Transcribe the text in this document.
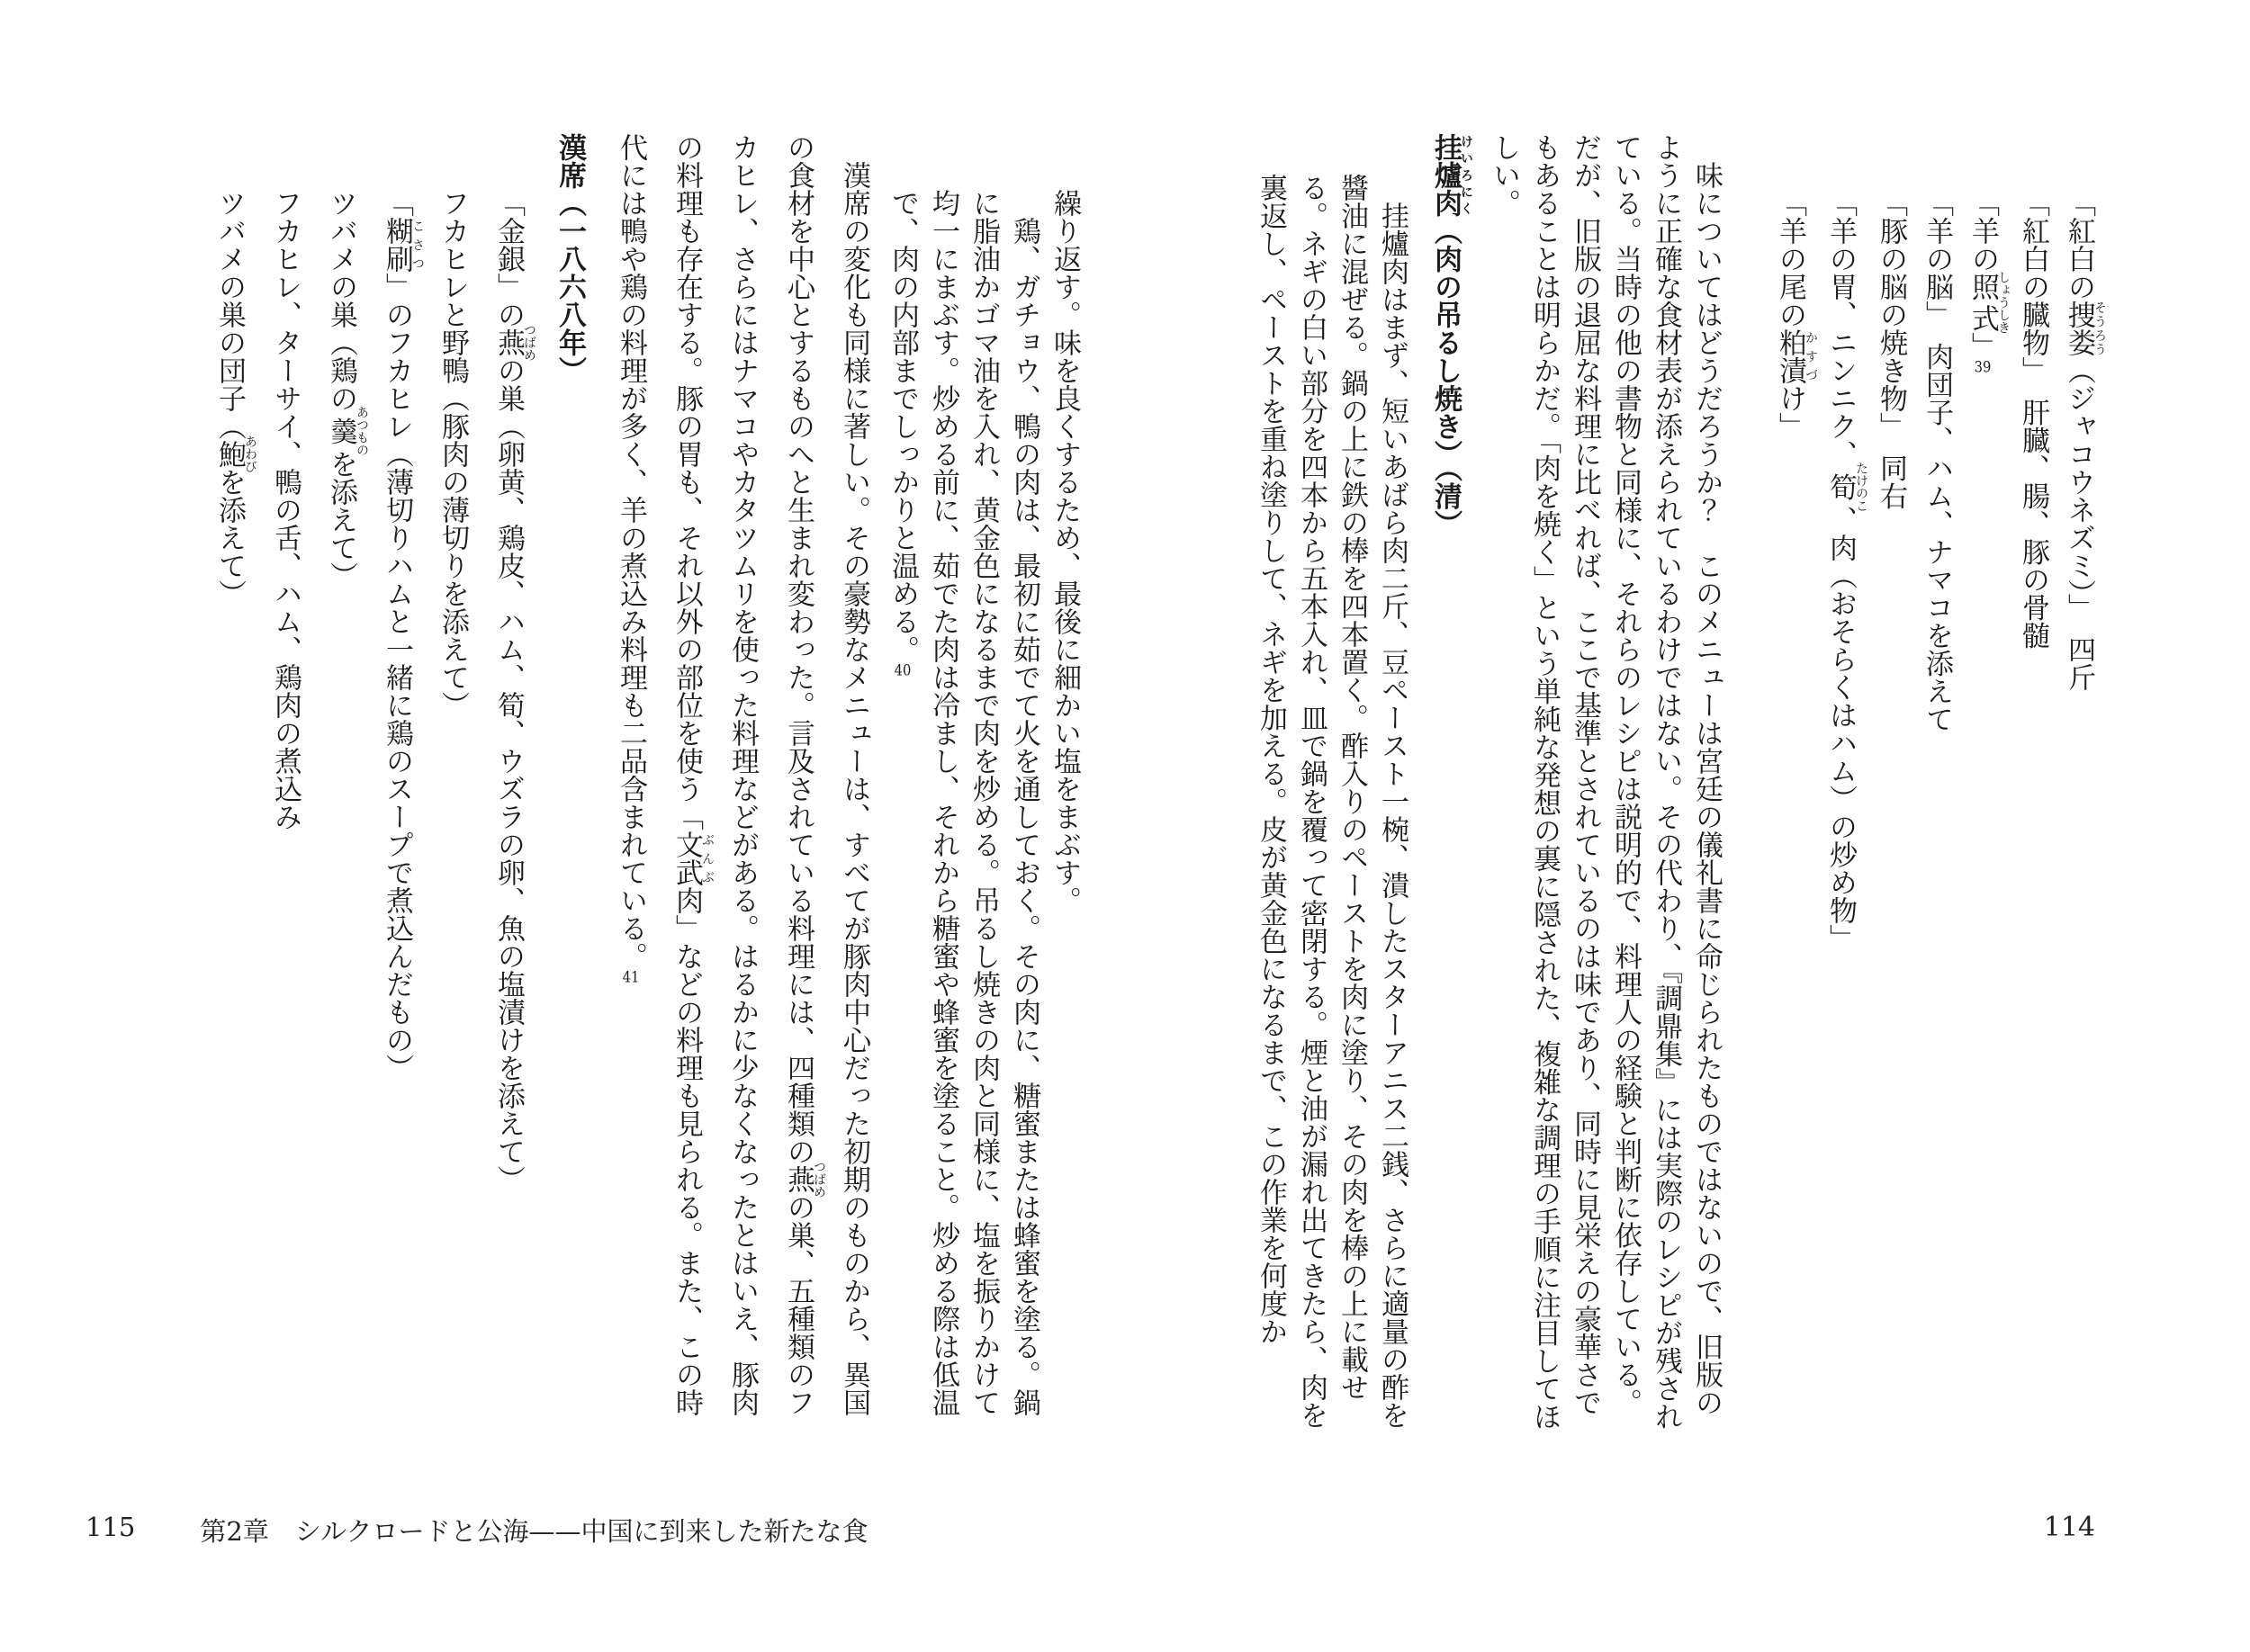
「紅白の捜娄そうろう（ジャコウネズミ）」　四斤

「紅白の臓物」　肝臓、腸、豚の骨髄

「羊の照式しょうしき」39

「羊の脳」　肉団子、ハム、ナマコを添えて

「豚の脳の焼き物」　同右

「羊の胃、ニンニク、筍たけのこ、肉（おそらくはハム）の炒め物」

「羊の尾の粕漬かすづけ」

味についてはどうだろうか？　このメニューは宮廷の儀礼書に命じられたものではないので、旧版のように正確な食材表が添えられているわけではない。その代わり、『調鼎集』には実際のレシピが残されている。当時の他の書物と同様に、それらのレシピは説明的で、料理人の経験と判断に依存している。だが、旧版の退屈な料理に比べれば、ここで基準とされているのは味であり、同時に見栄えの豪華さでもあることは明らかだ。「肉を焼く」という単純な発想の裏に隠された、複雑な調理の手順に注目してほしい。

挂爐肉けいろにく（肉の吊るし焼き）（清）

挂爐肉はまず、短いあばら肉二斤、豆ペースト一椀、潰したスターアニス二銭、さらに適量の酢を醬油に混ぜる。鍋の上に鉄の棒を四本置く。酢入りのペーストを肉に塗り、その肉を棒の上に載せる。ネギの白い部分を四本から五本入れ、皿で鍋を覆って密閉する。煙と油が漏れ出てきたら、肉を裏返し、ペーストを重ね塗りして、ネギを加える。皮が黄金色になるまで、この作業を何度か

114

繰り返す。味を良くするため、最後に細かい塩をまぶす。

鶏、ガチョウ、鴨の肉は、最初に茹でて火を通しておく。その肉に、糖蜜または蜂蜜を塗る。鍋に脂油かゴマ油を入れ、黄金色になるまで肉を炒める。吊るし焼きの肉と同様に、塩を振りかけて均一にまぶす。炒める前に、茹でた肉は冷まし、それから糖蜜や蜂蜜を塗ること。炒める際は低温で、肉の内部までしっかりと温める。40

漢席の変化も同様に著しい。その豪勢なメニューは、すべてが豚肉中心だった初期のものから、異国の食材を中心とするものへと生まれ変わった。言及されている料理には、四種類の燕つばめの巣、五種類のフカヒレ、さらにはナマコやカタツムリを使った料理などがある。はるかに少なくなったとはいえ、豚肉の料理も存在する。豚の胃も、それ以外の部位を使う「文武ぶんぶ肉」などの料理も見られる。また、この時代には鴨や鶏の料理が多く、羊の煮込み料理も二品含まれている。41

漢席（一八六八年）

「金銀」の燕つばめの巣（卵黄、鶏皮、ハム、筍、ウズラの卵、魚の塩漬けを添えて）

フカヒレと野鴨（豚肉の薄切りを添えて）

「糊刷こさつ」のフカヒレ（薄切りハムと一緒に鶏のスープで煮込んだもの）

ツバメの巣（鶏の羹あつものを添えて）

フカヒレ、ターサイ、鴨の舌、ハム、鶏肉の煮込み

ツバメの巣の団子（鮑あわびを添えて）

115 第2章　シルクロードと公海——中国に到来した新たな食
